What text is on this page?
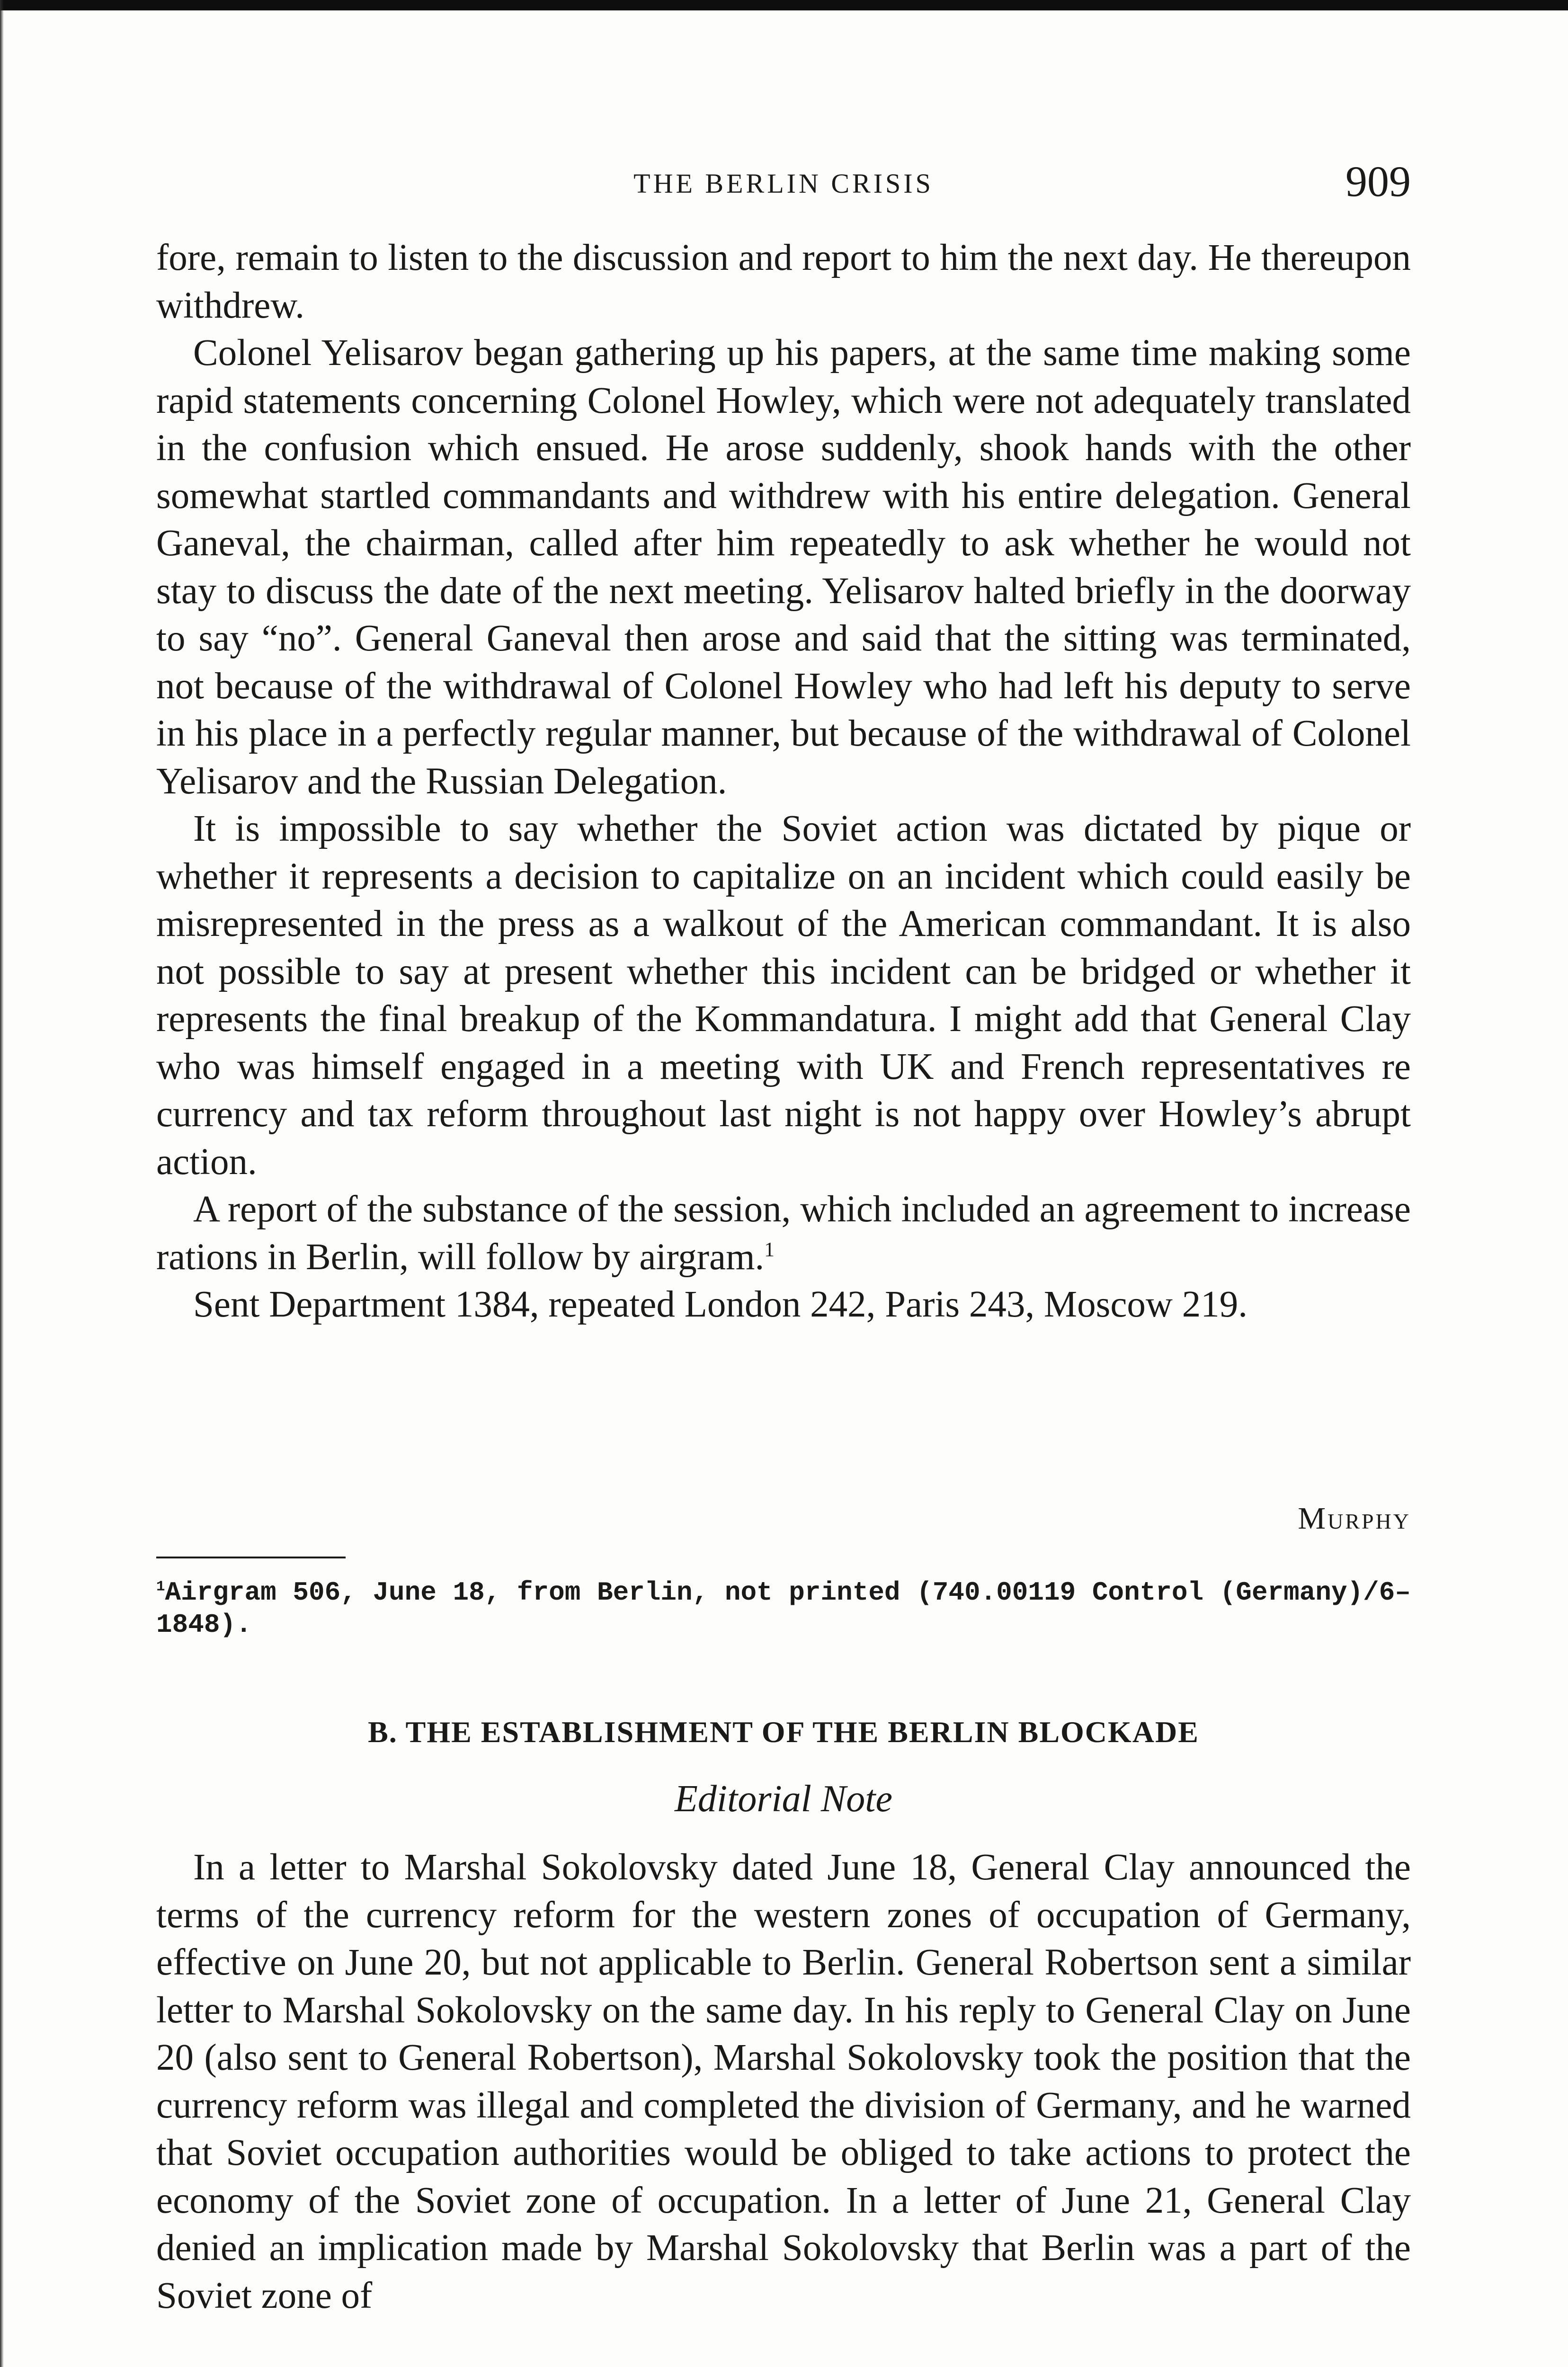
THE BERLIN CRISIS	909

fore, remain to listen to the discussion and report to him the next day. He thereupon withdrew.

Colonel Yelisarov began gathering up his papers, at the same time making some rapid statements concerning Colonel Howley, which were not adequately translated in the confusion which ensued. He arose suddenly, shook hands with the other somewhat startled commandants and withdrew with his entire delegation. General Ganeval, the chairman, called after him repeatedly to ask whether he would not stay to discuss the date of the next meeting. Yelisarov halted briefly in the doorway to say “no”. General Ganeval then arose and said that the sitting was terminated, not because of the withdrawal of Colonel Howley who had left his deputy to serve in his place in a perfectly regular manner, but because of the withdrawal of Colonel Yelisarov and the Russian Delegation.

It is impossible to say whether the Soviet action was dictated by pique or whether it represents a decision to capitalize on an incident which could easily be misrepresented in the press as a walkout of the American commandant. It is also not possible to say at present whether this incident can be bridged or whether it represents the final breakup of the Kommandatura. I might add that General Clay who was himself engaged in a meeting with UK and French representatives re currency and tax reform throughout last night is not happy over Howley’s abrupt action.

A report of the substance of the session, which included an agreement to increase rations in Berlin, will follow by airgram.$^1$

Sent Department 1384, repeated London 242, Paris 243, Moscow 219.

Murphy
$^1$Airgram 506, June 18, from Berlin, not printed (740.00119 Control (Germany)/6–1848).
B. THE ESTABLISHMENT OF THE BERLIN BLOCKADE
Editorial Note

In a letter to Marshal Sokolovsky dated June 18, General Clay announced the terms of the currency reform for the western zones of occupation of Germany, effective on June 20, but not applicable to Berlin. General Robertson sent a similar letter to Marshal Sokolovsky on the same day. In his reply to General Clay on June 20 (also sent to General Robertson), Marshal Sokolovsky took the position that the currency reform was illegal and completed the division of Germany, and he warned that Soviet occupation authorities would be obliged to take actions to protect the economy of the Soviet zone of occupation. In a letter of June 21, General Clay denied an implication made by Marshal Sokolovsky that Berlin was a part of the Soviet zone of
